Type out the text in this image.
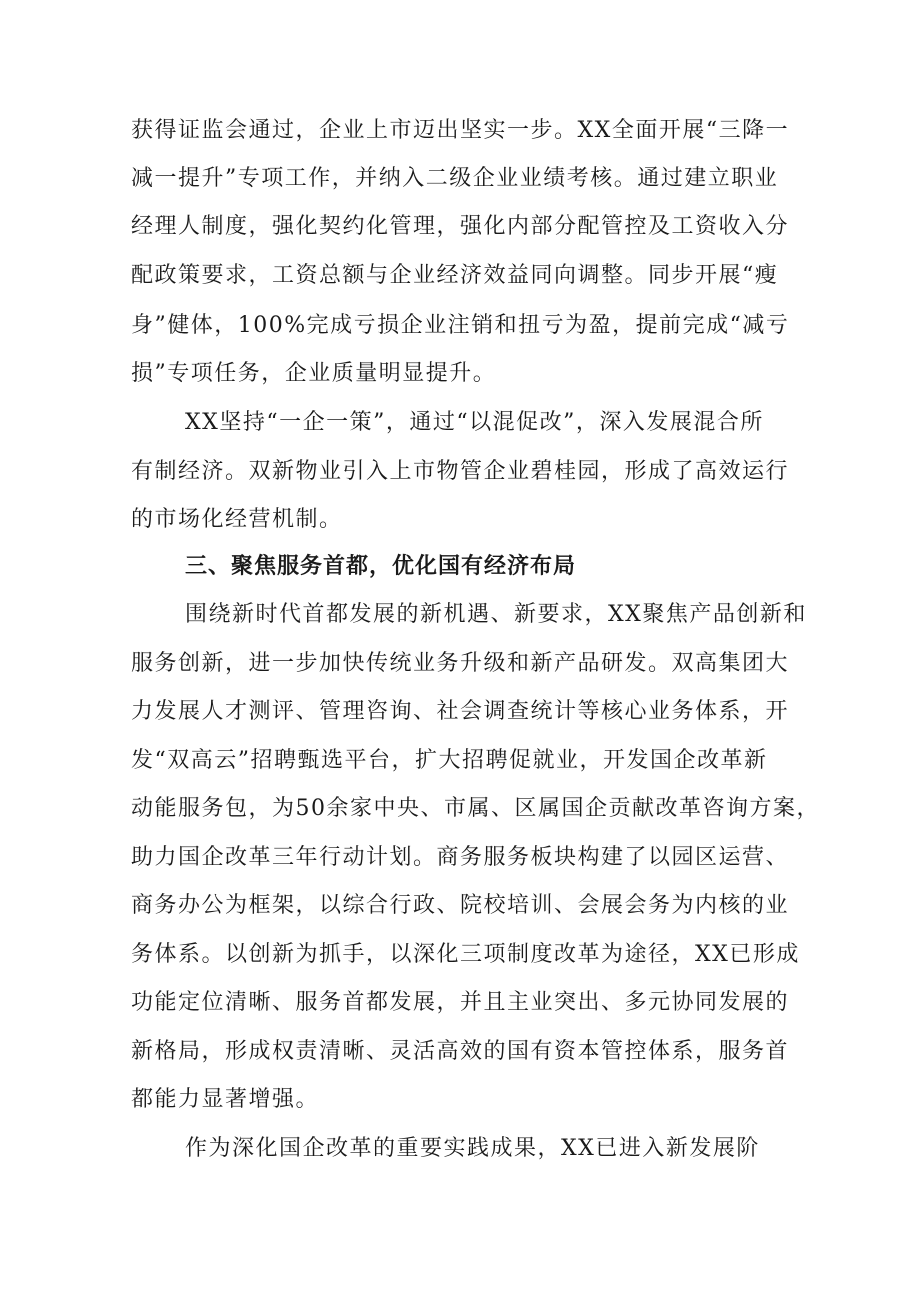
获得证监会通过，企业上市迈出坚实一步。XX全面开展“三降一
减一提升”专项工作，并纳入二级企业业绩考核。通过建立职业
经理人制度，强化契约化管理，强化内部分配管控及工资收入分
配政策要求，工资总额与企业经济效益同向调整。同步开展“瘦
身”健体，100%完成亏损企业注销和扭亏为盈，提前完成“减亏
损”专项任务，企业质量明显提升。
XX坚持“一企一策”，通过“以混促改”，深入发展混合所
有制经济。双新物业引入上市物管企业碧桂园，形成了高效运行
的市场化经营机制。
三、聚焦服务首都，优化国有经济布局
围绕新时代首都发展的新机遇、新要求，XX聚焦产品创新和
服务创新，进一步加快传统业务升级和新产品研发。双高集团大
力发展人才测评、管理咨询、社会调查统计等核心业务体系，开
发“双高云”招聘甄选平台，扩大招聘促就业，开发国企改革新
动能服务包，为50余家中央、市属、区属国企贡献改革咨询方案，
助力国企改革三年行动计划。商务服务板块构建了以园区运营、
商务办公为框架，以综合行政、院校培训、会展会务为内核的业
务体系。以创新为抓手，以深化三项制度改革为途径，XX已形成
功能定位清晰、服务首都发展，并且主业突出、多元协同发展的
新格局，形成权责清晰、灵活高效的国有资本管控体系，服务首
都能力显著增强。
作为深化国企改革的重要实践成果，XX已进入新发展阶
